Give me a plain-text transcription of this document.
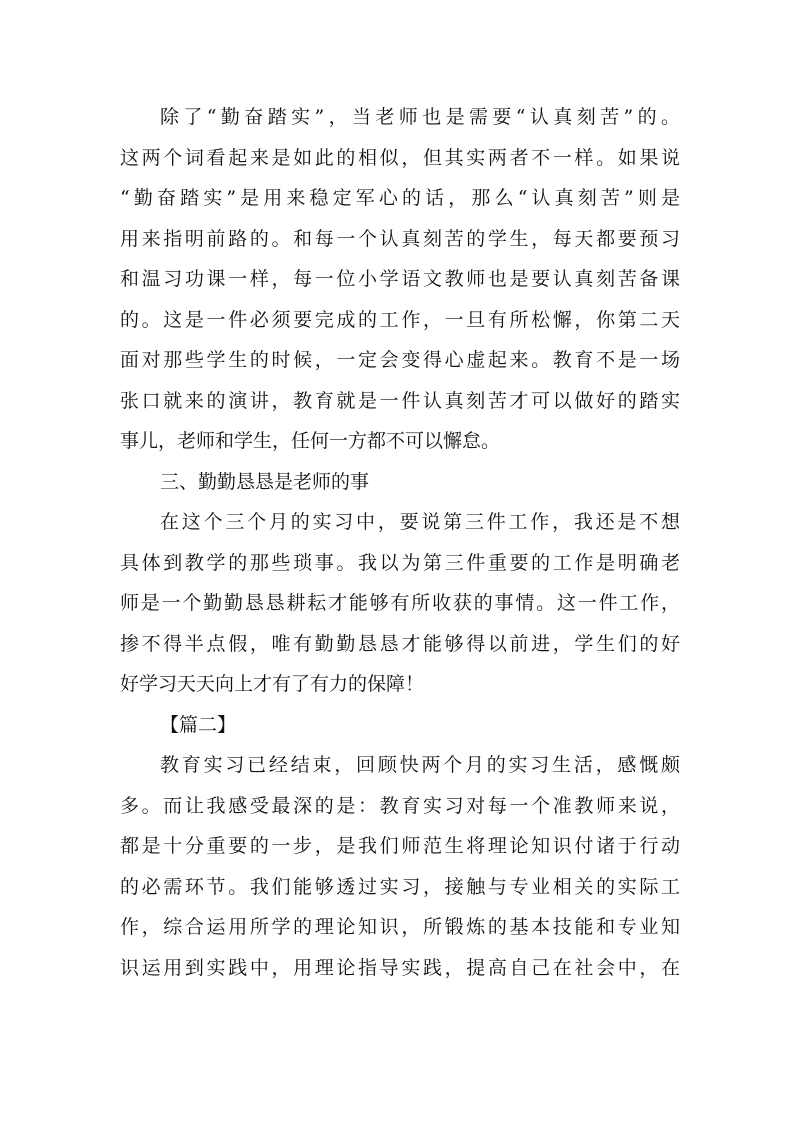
除了“勤奋踏实”，当老师也是需要“认真刻苦”的。
这两个词看起来是如此的相似，但其实两者不一样。如果说
“勤奋踏实”是用来稳定军心的话，那么“认真刻苦”则是
用来指明前路的。和每一个认真刻苦的学生，每天都要预习
和温习功课一样，每一位小学语文教师也是要认真刻苦备课
的。这是一件必须要完成的工作，一旦有所松懈，你第二天
面对那些学生的时候，一定会变得心虚起来。教育不是一场
张口就来的演讲，教育就是一件认真刻苦才可以做好的踏实
事儿，老师和学生，任何一方都不可以懈怠。
三、勤勤恳恳是老师的事
在这个三个月的实习中，要说第三件工作，我还是不想
具体到教学的那些琐事。我以为第三件重要的工作是明确老
师是一个勤勤恳恳耕耘才能够有所收获的事情。这一件工作，
掺不得半点假，唯有勤勤恳恳才能够得以前进，学生们的好
好学习天天向上才有了有力的保障！
【篇二】
教育实习已经结束，回顾快两个月的实习生活，感慨颇
多。而让我感受最深的是：教育实习对每一个准教师来说，
都是十分重要的一步，是我们师范生将理论知识付诸于行动
的必需环节。我们能够透过实习，接触与专业相关的实际工
作，综合运用所学的理论知识，所锻炼的基本技能和专业知
识运用到实践中，用理论指导实践，提高自己在社会中，在
